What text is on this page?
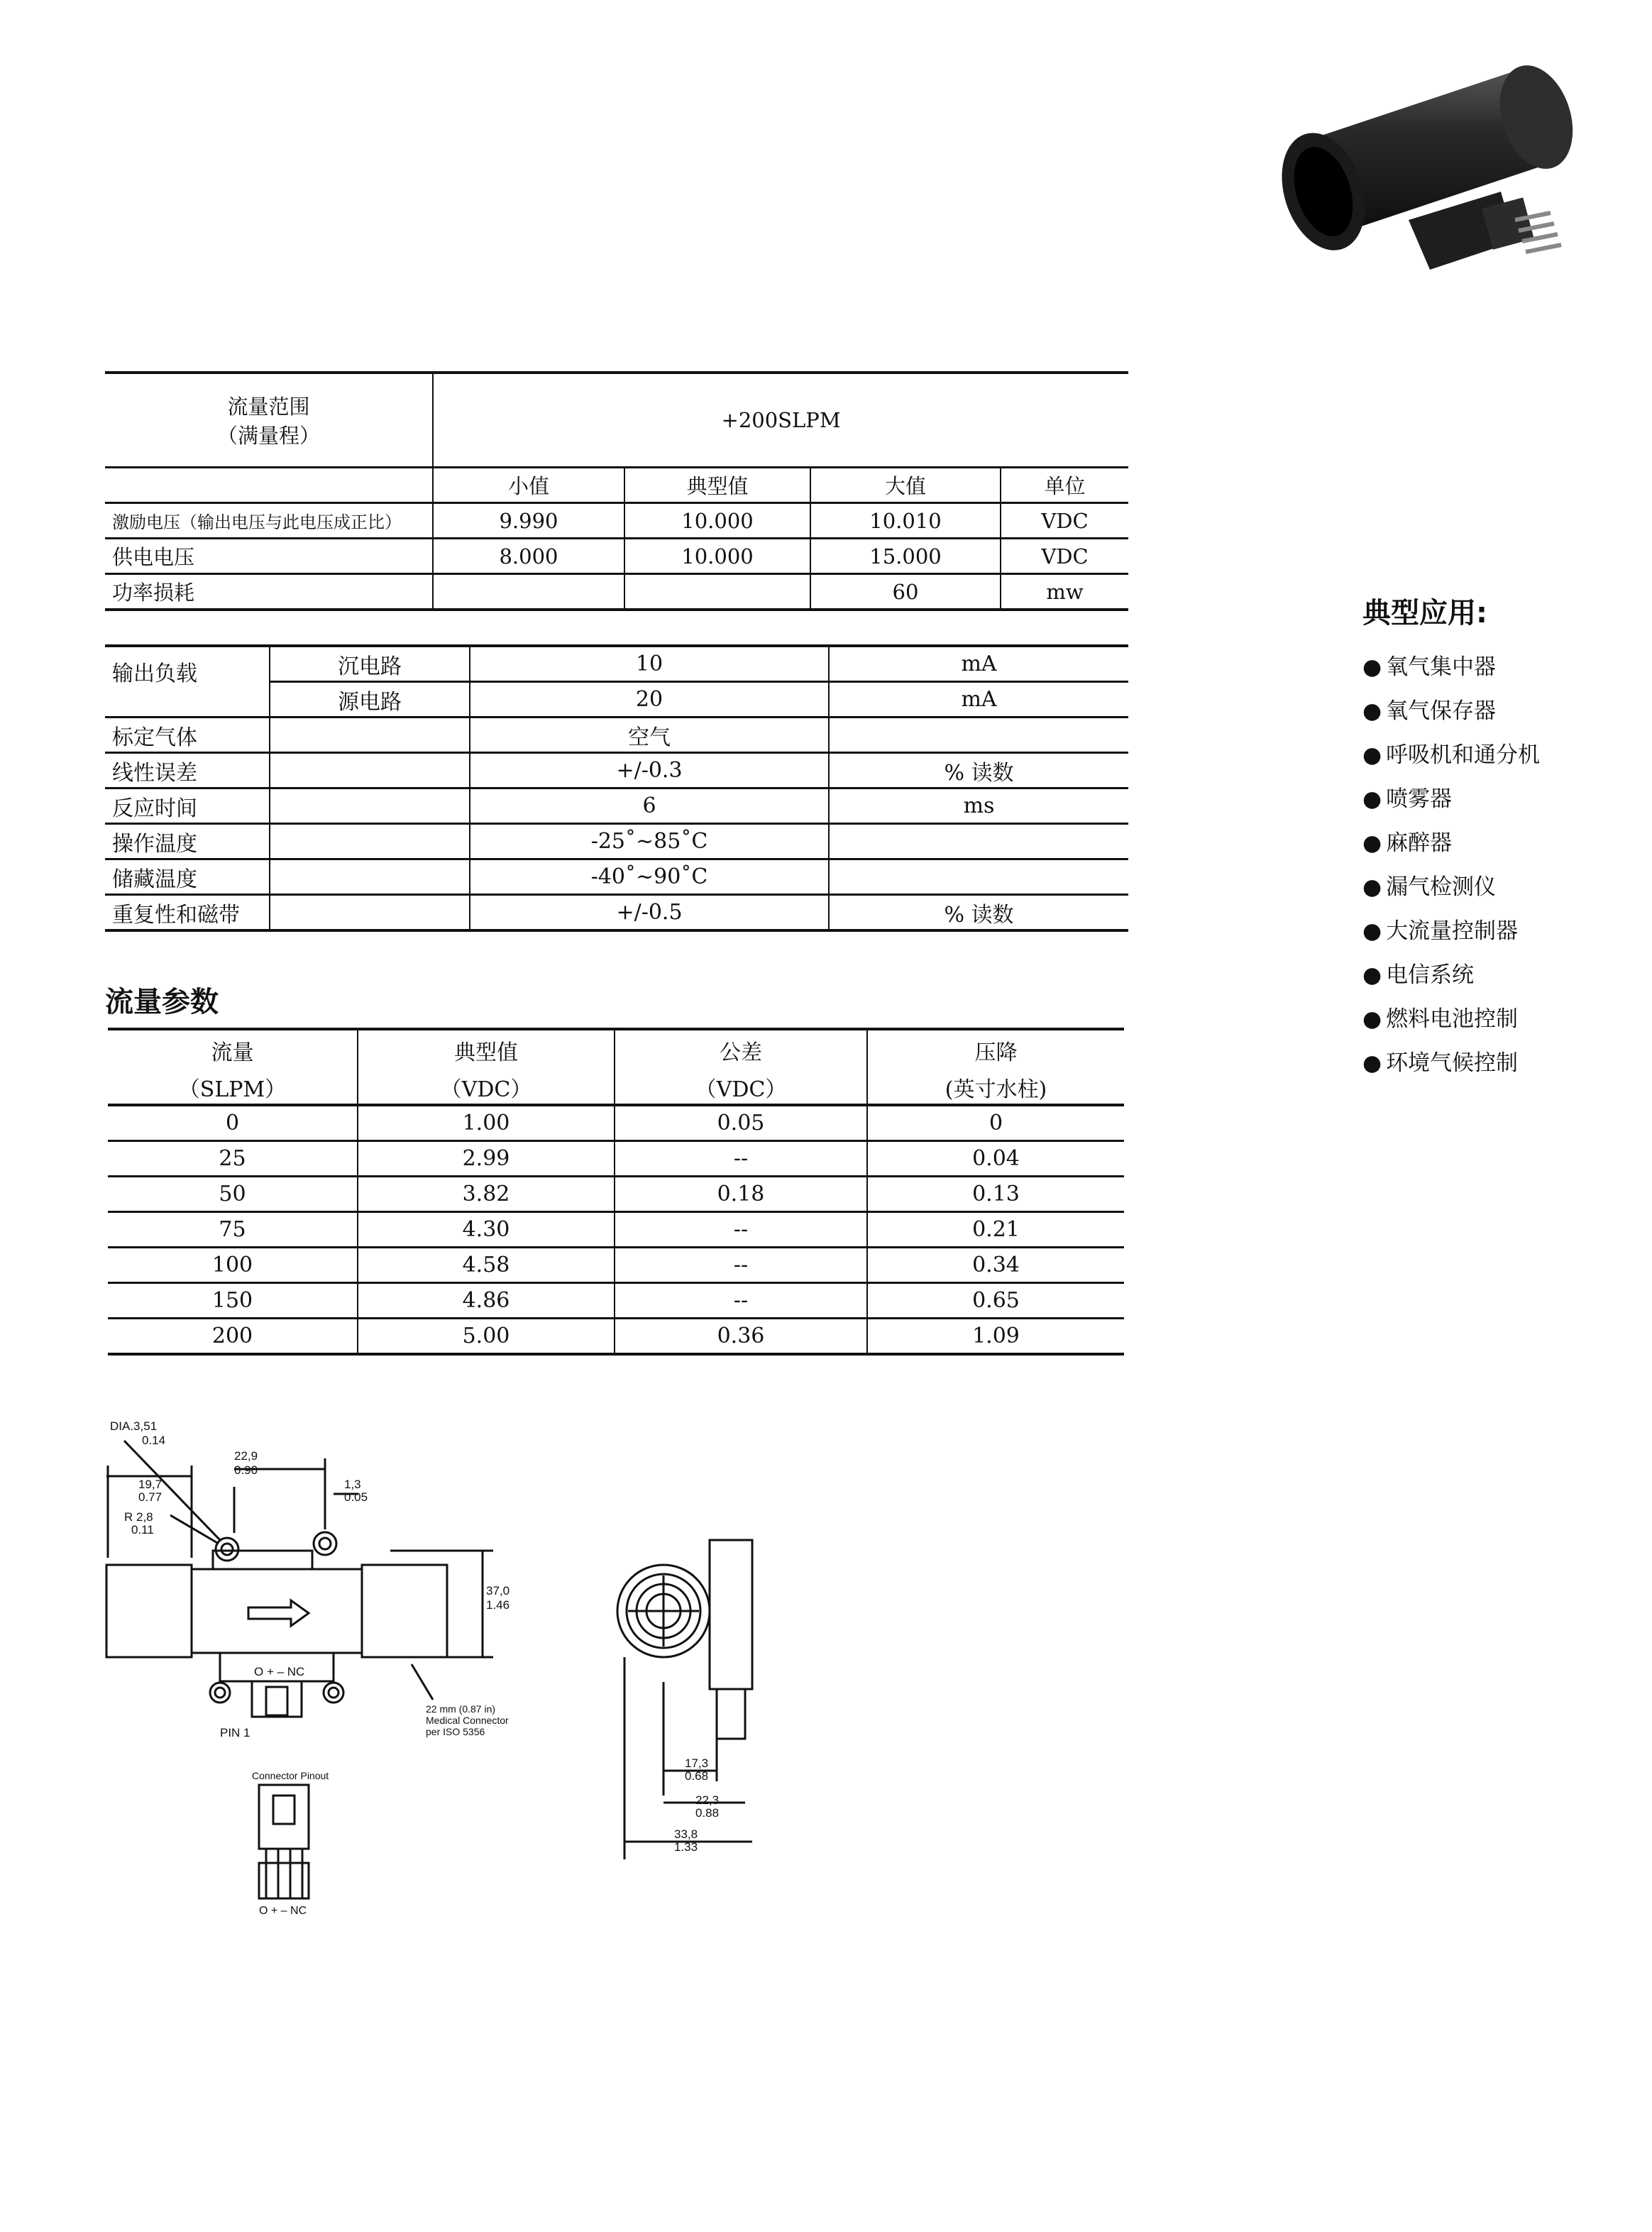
流量范围
（满量程）	+200SLPM			
	小值	典型值	大值	单位
激励电压（输出电压与此电压成正比）	9.990	10.000	10.010	VDC
供电电压	8.000	10.000	15.000	VDC
功率损耗			60	mw
输出负载	沉电路	10	mA
	源电路	20	mA
标定气体		空气	
线性误差		+/-0.3	% 读数
反应时间		6	ms
操作温度		-25˚~85˚C	
储藏温度		-40˚~90˚C	
重复性和磁带		+/-0.5	% 读数
流量参数
流量	典型值	公差	压降
（SLPM）	（VDC）	（VDC）	(英寸水柱)
0	1.00	0.05	0
25	2.99	--	0.04
50	3.82	0.18	0.13
75	4.30	--	0.21
100	4.58	--	0.34
150	4.86	--	0.65
200	5.00	0.36	1.09
典型应用:
● 氧气集中器
● 氧气保存器
● 呼吸机和通分机
● 喷雾器
● 麻醉器
● 漏气检测仪
● 大流量控制器
● 电信系统
● 燃料电池控制
● 环境气候控制
DIA.3,51
0.14
22,9
0.90
1,3
0.05
19,7
0.77
R 2,8
0.11
37,0
1.46
O + – NC
PIN 1
22 mm (0.87 in)
Medical Connector
per ISO 5356
Connector Pinout
O + – NC
17,3
0.68
22,3
0.88
33,8
1.33
